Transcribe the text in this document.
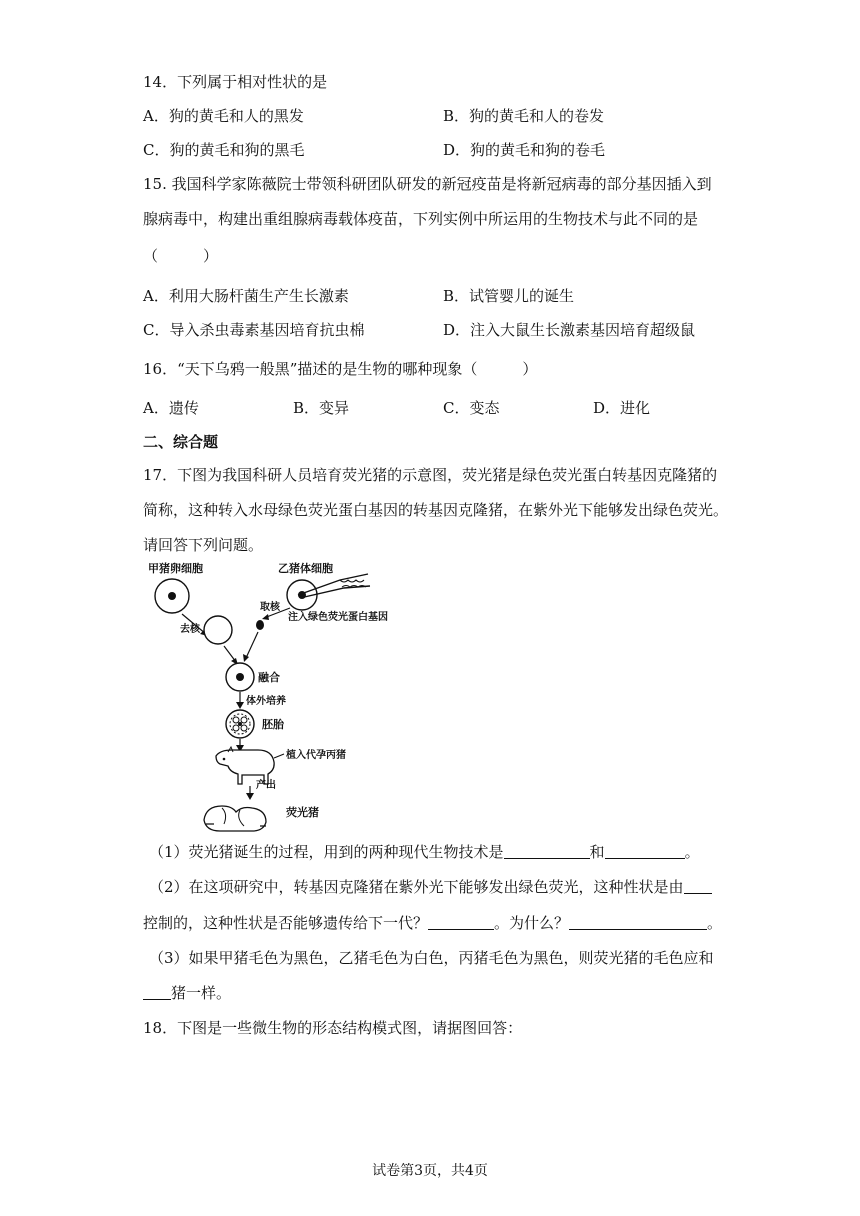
14．下列属于相对性状的是
A．狗的黄毛和人的黑发	B．狗的黄毛和人的卷发
C．狗的黄毛和狗的黑毛	D．狗的黄毛和狗的卷毛
15. 我国科学家陈薇院士带领科研团队研发的新冠疫苗是将新冠病毒的部分基因插入到
腺病毒中，构建出重组腺病毒载体疫苗，下列实例中所运用的生物技术与此不同的是
（　　　）
A．利用大肠杆菌生产生长激素	B．试管婴儿的诞生
C．导入杀虫毒素基因培育抗虫棉	D．注入大鼠生长激素基因培育超级鼠
16．“天下乌鸦一般黑”描述的是生物的哪种现象（　　　）
A．遗传	B．变异	C．变态	D．进化
二、综合题
17．下图为我国科研人员培育荧光猪的示意图，荧光猪是绿色荧光蛋白转基因克隆猪的
简称，这种转入水母绿色荧光蛋白基因的转基因克隆猪，在紫外光下能够发出绿色荧光。
请回答下列问题。
甲猪卵细胞	乙猪体细胞
去核
取核
注入绿色荧光蛋白基因
融合
体外培养
胚胎
植入代孕丙猪
产出
荧光猪
（1）荧光猪诞生的过程，用到的两种现代生物技术是	和	。
（2）在这项研究中，转基因克隆猪在紫外光下能够发出绿色荧光，这种性状是由
控制的，这种性状是否能够遗传给下一代？	。为什么？	。
（3）如果甲猪毛色为黑色，乙猪毛色为白色，丙猪毛色为黑色，则荧光猪的毛色应和
猪一样。
18．下图是一些微生物的形态结构模式图，请据图回答：
试卷第3页，共4页
